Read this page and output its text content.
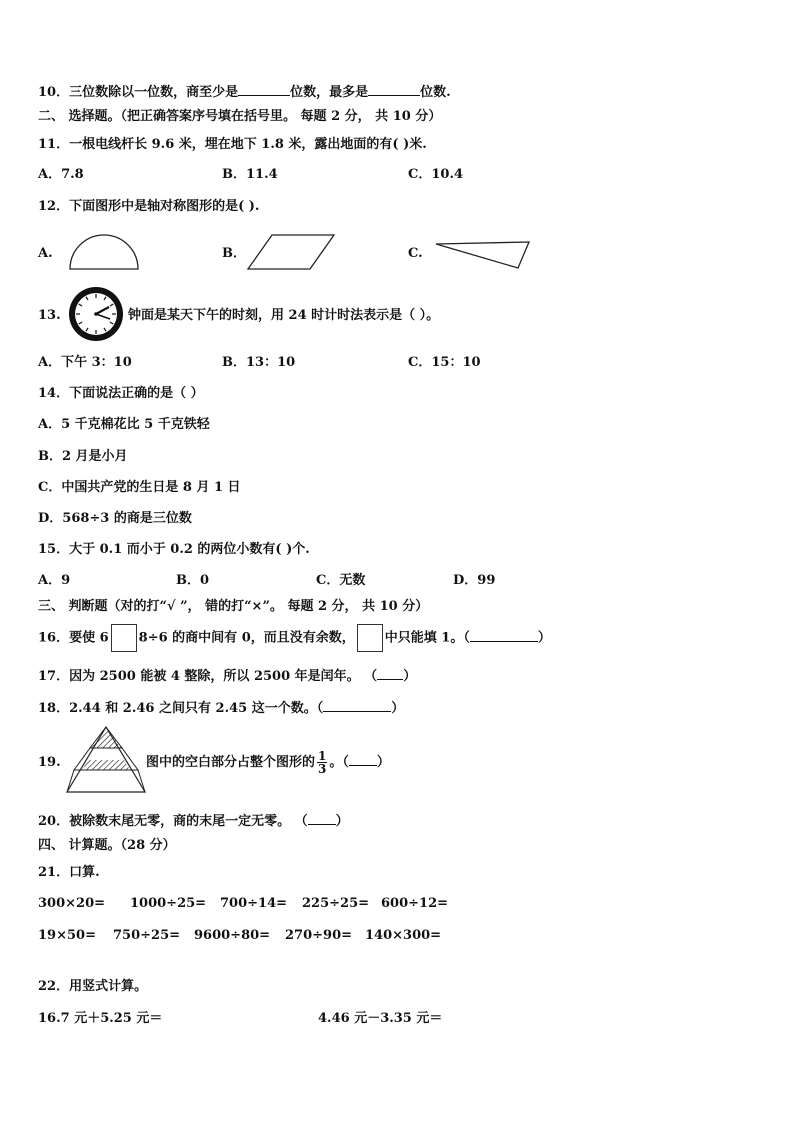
10．三位数除以一位数，商至少是	位数，最多是	位数.
二、 选择题。（把正确答案序号填在括号里。 每题 2 分， 共 10 分）
11．一根电线杆长 9.6 米，埋在地下 1.8 米，露出地面的有( )米.
A．7.8	B．11.4	C．10.4
12．下面图形中是轴对称图形的是( ).
A.	B．	C.
13.	钟面是某天下午的时刻，用 24 时计时法表示是（ ）。
A．下午 3：10	B．13：10	C．15：10
14．下面说法正确的是（ ）
A．5 千克棉花比 5 千克铁轻
B．2 月是小月
C．中国共产党的生日是 8 月 1 日
D．568÷3 的商是三位数
15．大于 0.1 而小于 0.2 的两位小数有( )个.
A．9	B．0	C．无数	D．99
三、 判断题（对的打“√ ”， 错的打“×”。 每题 2 分， 共 10 分）
16．要使 6 8÷6 的商中间有 0，而且没有余数， 中只能填 1。（	）
17．因为 2500 能被 4 整除，所以 2500 年是闰年。 （ ）
18．2.44 和 2.46 之间只有 2.45 这一个数。（	）
19.	图中的空白部分占整个图形的 $\frac{1}{3}$ 。（ ）
20．被除数末尾无零，商的末尾一定无零。 （ ）
四、 计算题。（28 分）
21．口算.
300×20= 1000÷25= 700÷14= 225÷25= 600÷12=
19×50= 750÷25= 9600÷80= 270÷90= 140×300=
22．用竖式计算。
16.7 元＋5.25 元＝	4.46 元－3.35 元＝
